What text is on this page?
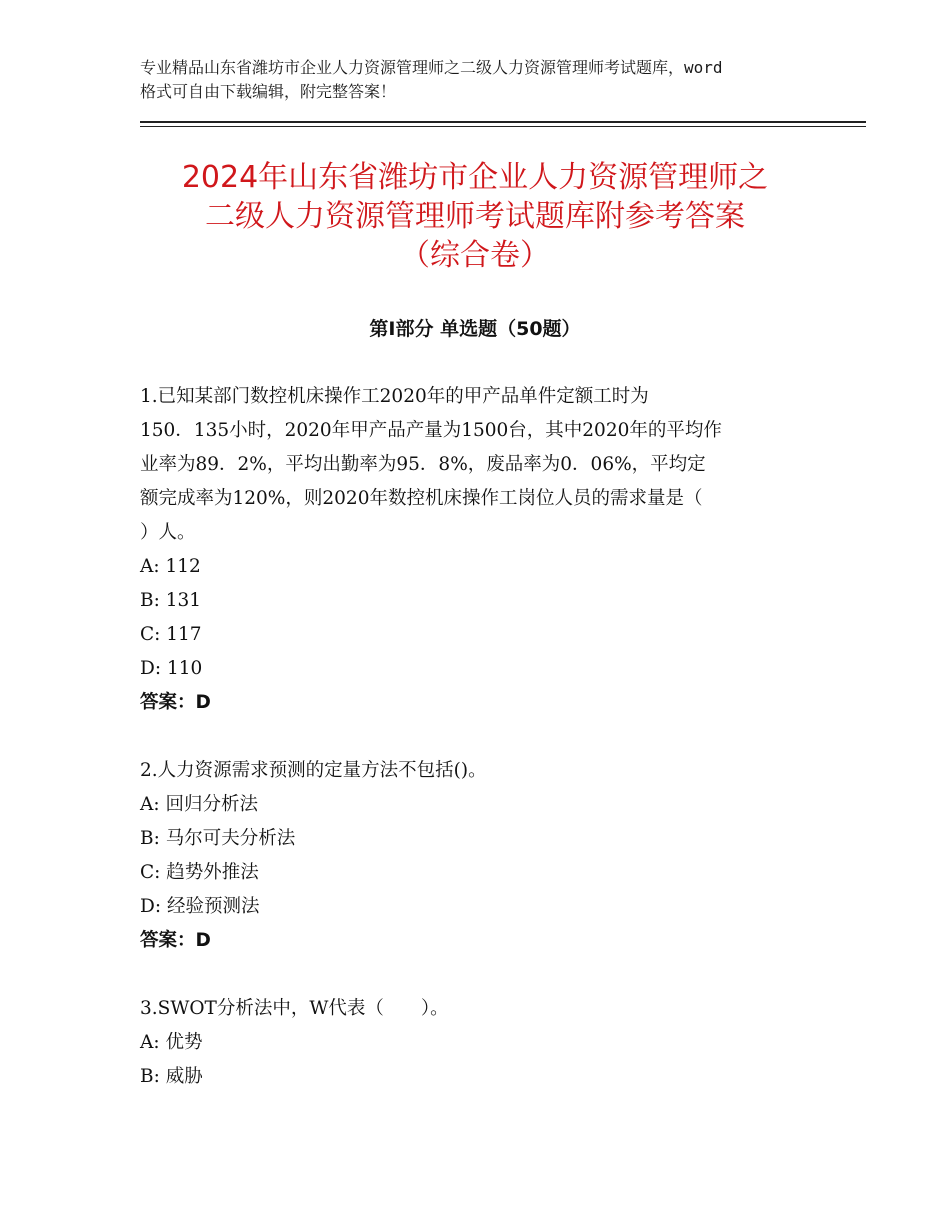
专业精品山东省潍坊市企业人力资源管理师之二级人力资源管理师考试题库，word
格式可自由下载编辑，附完整答案！
2024年山东省潍坊市企业人力资源管理师之
二级人力资源管理师考试题库附参考答案
（综合卷）
第Ⅰ部分 单选题（50题）
1.已知某部门数控机床操作工2020年的甲产品单件定额工时为
150．135小时，2020年甲产品产量为1500台，其中2020年的平均作
业率为89．2%，平均出勤率为95．8%，废品率为0．06%，平均定
额完成率为120%，则2020年数控机床操作工岗位人员的需求量是（
）人。
A: 112
B: 131
C: 117
D: 110
答案：D
2.人力资源需求预测的定量方法不包括()。
A: 回归分析法
B: 马尔可夫分析法
C: 趋势外推法
D: 经验预测法
答案：D
3.SWOT分析法中，W代表（　　）。
A: 优势
B: 威胁
